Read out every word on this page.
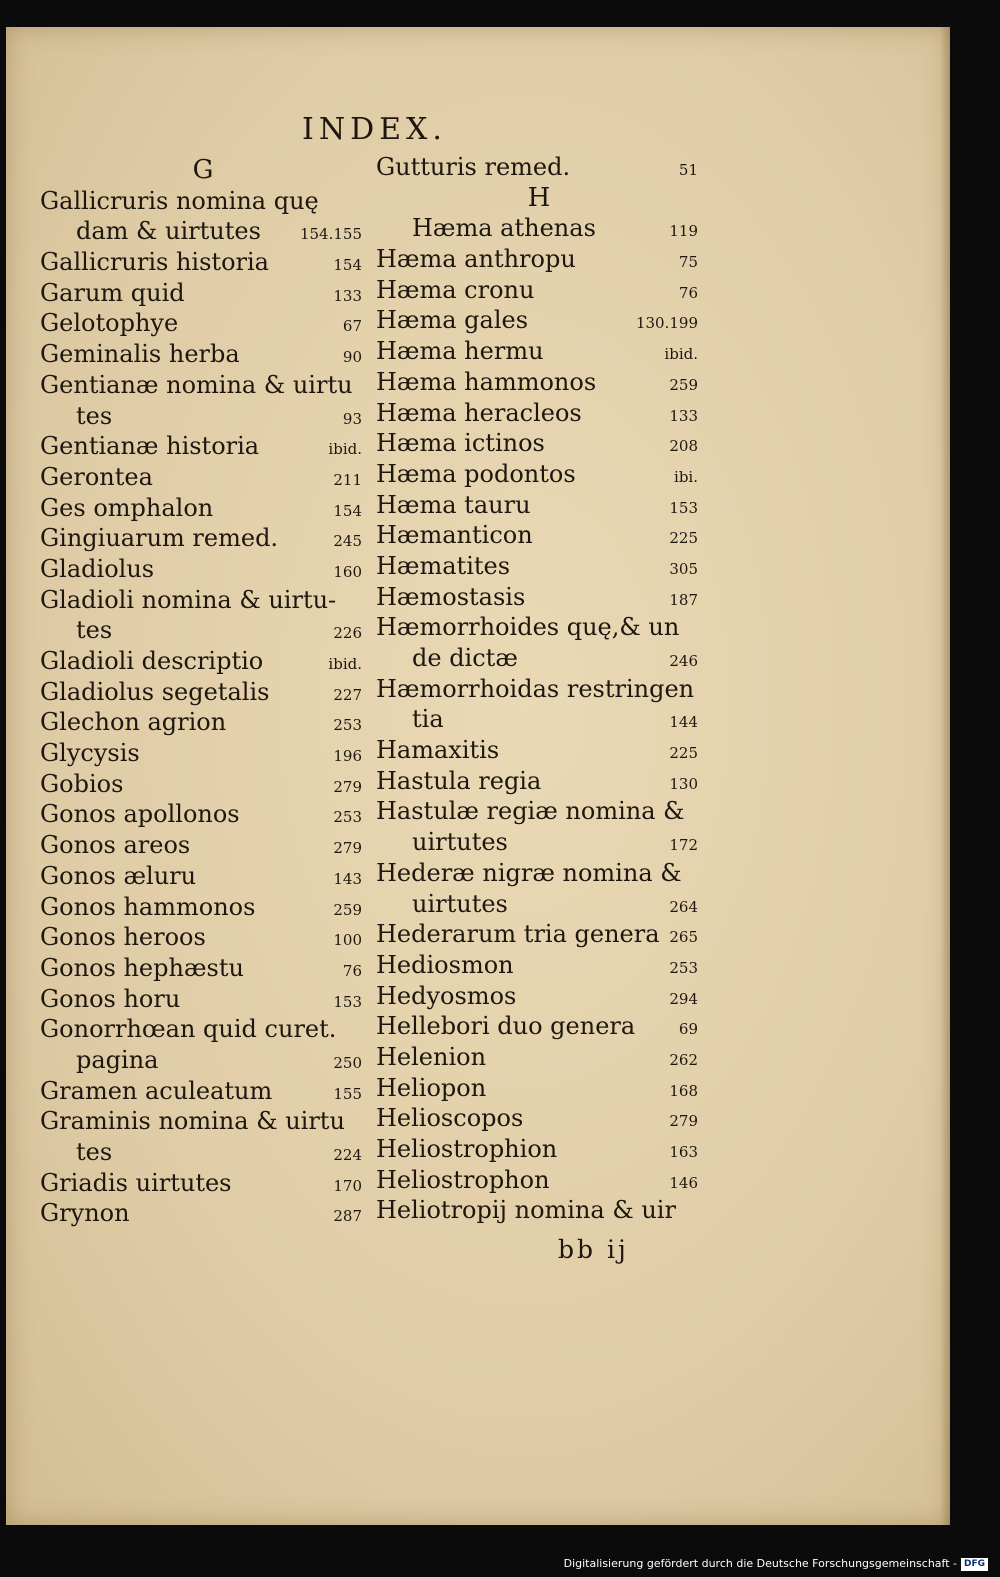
INDEX.
G
Gallicruris nomina quę
dam & uirtutes	154.155
Gallicruris historia	154
Garum quid	133
Gelotophye	67
Geminalis herba	90
Gentianæ nomina & uirtu
tes	93
Gentianæ historia	ibid.
Gerontea	211
Ges omphalon	154
Gingiuarum remed.	245
Gladiolus	160
Gladioli nomina & uirtu-
tes	226
Gladioli descriptio	ibid.
Gladiolus segetalis	227
Glechon agrion	253
Glycysis	196
Gobios	279
Gonos apollonos	253
Gonos areos	279
Gonos æluru	143
Gonos hammonos	259
Gonos heroos	100
Gonos hephæstu	76
Gonos horu	153
Gonorrhœan quid curet.
pagina	250
Gramen aculeatum	155
Graminis nomina & uirtu
tes	224
Griadis uirtutes	170
Grynon	287
Gutturis remed.	51
H
Hæma athenas	119
Hæma anthropu	75
Hæma cronu	76
Hæma gales	130.199
Hæma hermu	ibid.
Hæma hammonos	259
Hæma heracleos	133
Hæma ictinos	208
Hæma podontos	ibi.
Hæma tauru	153
Hæmanticon	225
Hæmatites	305
Hæmostasis	187
Hæmorrhoides quę,& un
de dictæ	246
Hæmorrhoidas restringen
tia	144
Hamaxitis	225
Hastula regia	130
Hastulæ regiæ nomina &
uirtutes	172
Hederæ nigræ nomina &
uirtutes	264
Hederarum tria genera 265
Hediosmon	253
Hedyosmos	294
Hellebori duo genera	69
Helenion	262
Heliopon	168
Helioscopos	279
Heliostrophion	163
Heliostrophon	146
Heliotropij nomina & uir

bb ij

Digitalisierung gefördert durch die Deutsche Forschungsgemeinschaft - DFG
